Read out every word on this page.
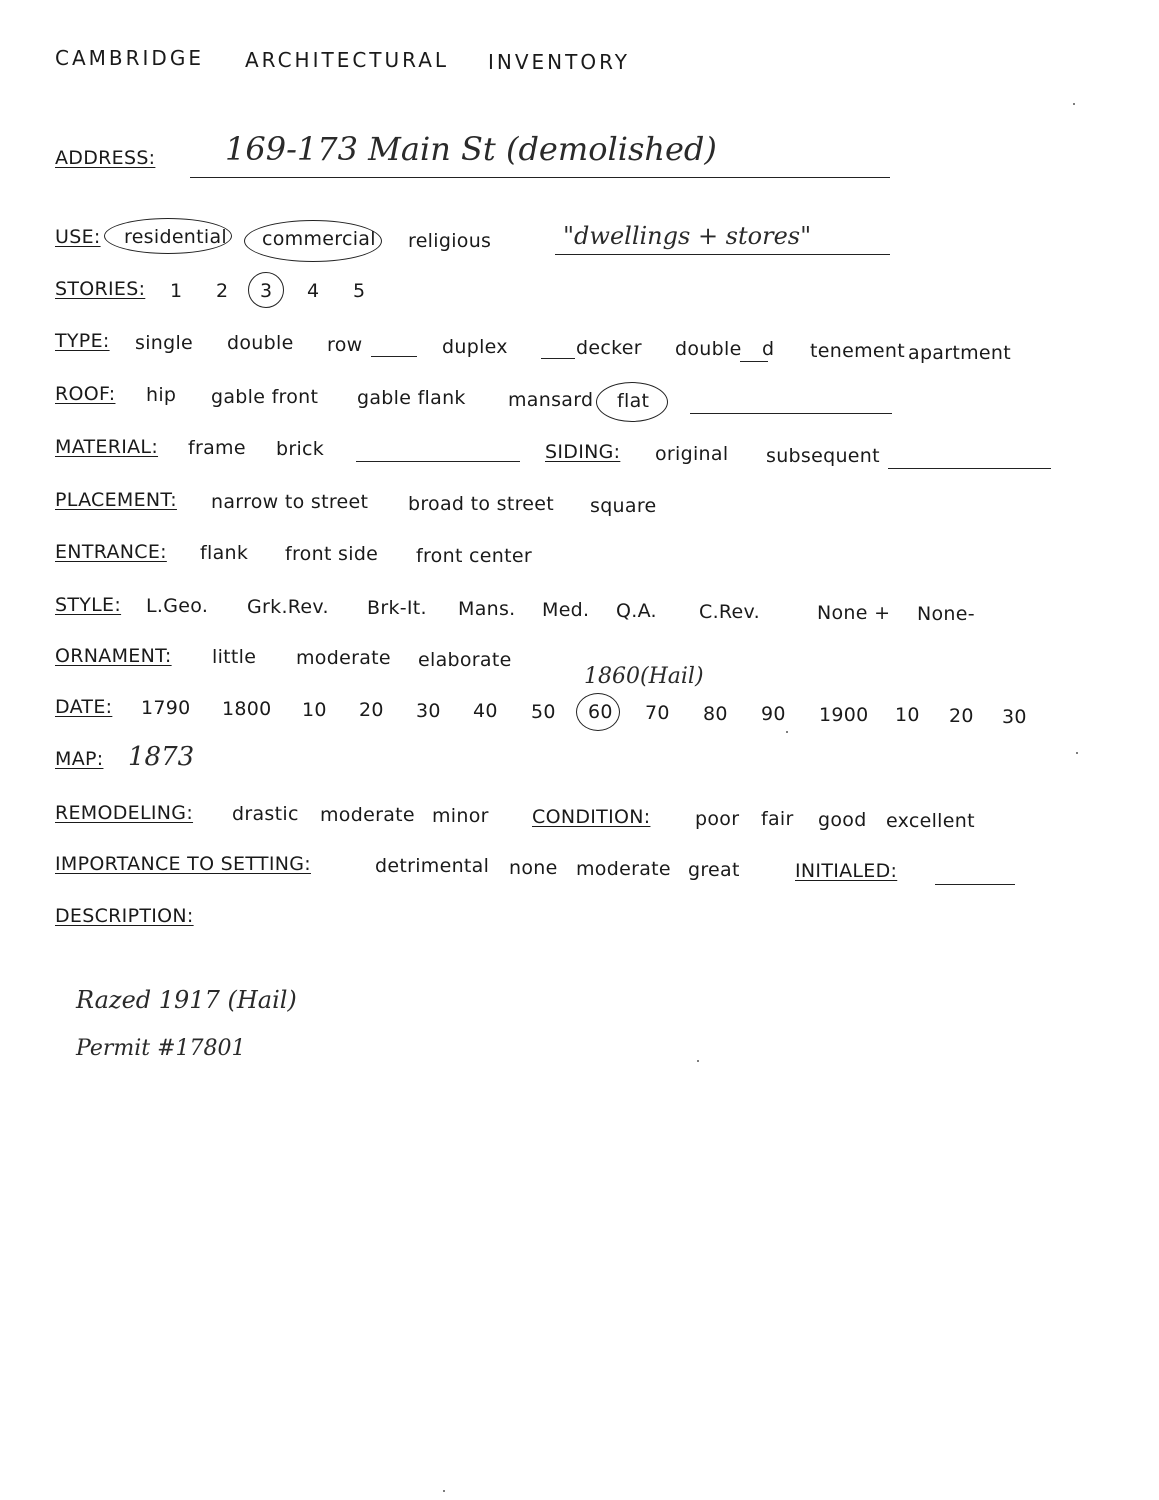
CAMBRIDGE ARCHITECTURAL INVENTORY
ADDRESS: 169-173 Main St (demolished)
USE: residential commercial religious	"dwellings + stores"
STORIES: 1 2 3 4 5
TYPE: single double row	duplex	decker double d tenement apartment
ROOF: hip gable front gable flank mansard flat
MATERIAL: frame brick	SIDING: original subsequent
PLACEMENT: narrow to street broad to street square
ENTRANCE: flank front side front center
STYLE: L.Geo. Grk.Rev. Brk-It. Mans. Med. Q.A. C.Rev.	None + None-
ORNAMENT: little moderate elaborate
1860(Hail)
DATE: 1790 1800 10 20 30 40 50 60 70 80 90 1900 10 20 30
MAP: 1873
REMODELING: drastic moderate minor CONDITION: poor fair good excellent
IMPORTANCE TO SETTING:	detrimental none moderate great	INITIALED:
DESCRIPTION:
Razed 1917 (Hail)
Permit #17801
